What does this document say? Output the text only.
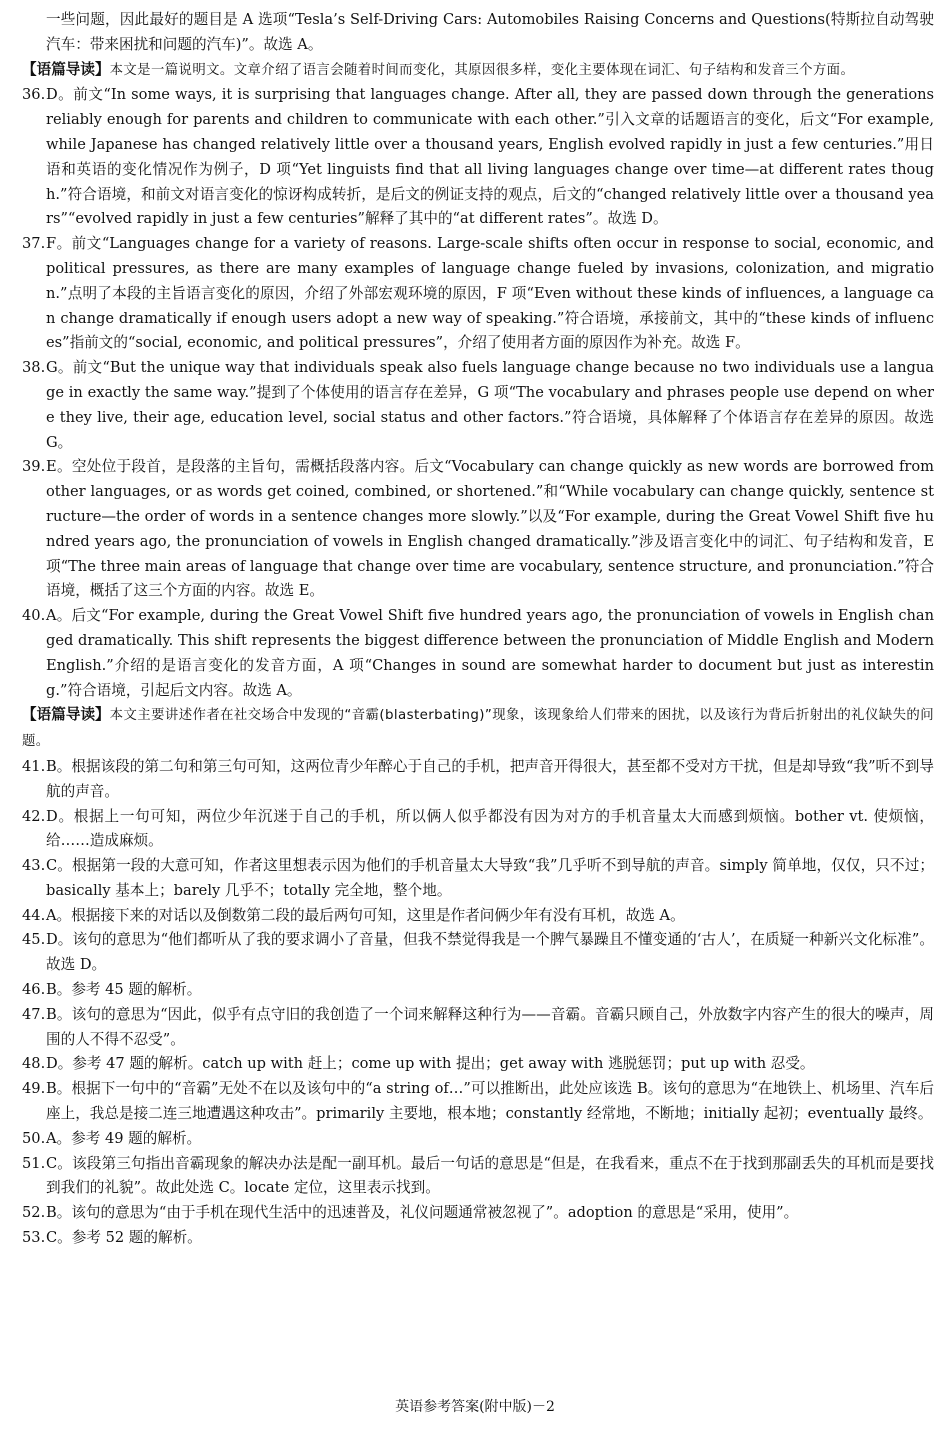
一些问题，因此最好的题目是 A 选项“Tesla’s Self-Driving Cars: Automobiles Raising Concerns and Questions(特斯拉自动驾驶汽车：带来困扰和问题的汽车)”。故选 A。

【语篇导读】本文是一篇说明文。文章介绍了语言会随着时间而变化，其原因很多样，变化主要体现在词汇、句子结构和发音三个方面。

36. D。前文“In some ways, it is surprising that languages change. After all, they are passed down through the generations reliably enough for parents and children to communicate with each other.”引入文章的话题语言的变化，后文“For example, while Japanese has changed relatively little over a thousand years, English evolved rapidly in just a few centuries.”用日语和英语的变化情况作为例子，D 项“Yet linguists find that all living languages change over time—at different rates though.”符合语境，和前文对语言变化的惊讶构成转折，是后文的例证支持的观点，后文的“changed relatively little over a thousand years”“evolved rapidly in just a few centuries”解释了其中的“at different rates”。故选 D。
37. F。前文“Languages change for a variety of reasons. Large-scale shifts often occur in response to social, economic, and political pressures, as there are many examples of language change fueled by invasions, colonization, and migration.”点明了本段的主旨语言变化的原因，介绍了外部宏观环境的原因，F 项“Even without these kinds of influences, a language can change dramatically if enough users adopt a new way of speaking.”符合语境，承接前文，其中的“these kinds of influences”指前文的“social, economic, and political pressures”，介绍了使用者方面的原因作为补充。故选 F。
38. G。前文“But the unique way that individuals speak also fuels language change because no two individuals use a language in exactly the same way.”提到了个体使用的语言存在差异，G 项“The vocabulary and phrases people use depend on where they live, their age, education level, social status and other factors.”符合语境，具体解释了个体语言存在差异的原因。故选 G。
39. E。空处位于段首，是段落的主旨句，需概括段落内容。后文“Vocabulary can change quickly as new words are borrowed from other languages, or as words get coined, combined, or shortened.”和“While vocabulary can change quickly, sentence structure—the order of words in a sentence changes more slowly.”以及“For example, during the Great Vowel Shift five hundred years ago, the pronunciation of vowels in English changed dramatically.”涉及语言变化中的词汇、句子结构和发音，E 项“The three main areas of language that change over time are vocabulary, sentence structure, and pronunciation.”符合语境，概括了这三个方面的内容。故选 E。
40. A。后文“For example, during the Great Vowel Shift five hundred years ago, the pronunciation of vowels in English changed dramatically. This shift represents the biggest difference between the pronunciation of Middle English and Modern English.”介绍的是语言变化的发音方面，A 项“Changes in sound are somewhat harder to document but just as interesting.”符合语境，引起后文内容。故选 A。

【语篇导读】本文主要讲述作者在社交场合中发现的“音霸(blasterbating)”现象，该现象给人们带来的困扰，以及该行为背后折射出的礼仪缺失的问题。

41. B。根据该段的第二句和第三句可知，这两位青少年醉心于自己的手机，把声音开得很大，甚至都不受对方干扰，但是却导致“我”听不到导航的声音。
42. D。根据上一句可知，两位少年沉迷于自己的手机，所以俩人似乎都没有因为对方的手机音量太大而感到烦恼。bother vt. 使烦恼，给……造成麻烦。
43. C。根据第一段的大意可知，作者这里想表示因为他们的手机音量太大导致“我”几乎听不到导航的声音。simply 简单地，仅仅，只不过；basically 基本上；barely 几乎不；totally 完全地，整个地。
44. A。根据接下来的对话以及倒数第二段的最后两句可知，这里是作者问俩少年有没有耳机，故选 A。
45. D。该句的意思为“他们都听从了我的要求调小了音量，但我不禁觉得我是一个脾气暴躁且不懂变通的‘古人’，在质疑一种新兴文化标准”。故选 D。
46. B。参考 45 题的解析。
47. B。该句的意思为“因此，似乎有点守旧的我创造了一个词来解释这种行为——音霸。音霸只顾自己，外放数字内容产生的很大的噪声，周围的人不得不忍受”。
48. D。参考 47 题的解析。catch up with 赶上；come up with 提出；get away with 逃脱惩罚；put up with 忍受。
49. B。根据下一句中的“音霸”无处不在以及该句中的“a string of…”可以推断出，此处应该选 B。该句的意思为“在地铁上、机场里、汽车后座上，我总是接二连三地遭遇这种攻击”。primarily 主要地，根本地；constantly 经常地，不断地；initially 起初；eventually 最终。
50. A。参考 49 题的解析。
51. C。该段第三句指出音霸现象的解决办法是配一副耳机。最后一句话的意思是“但是，在我看来，重点不在于找到那副丢失的耳机而是要找到我们的礼貌”。故此处选 C。locate 定位，这里表示找到。
52. B。该句的意思为“由于手机在现代生活中的迅速普及，礼仪问题通常被忽视了”。adoption 的意思是“采用，使用”。
53. C。参考 52 题的解析。
英语参考答案(附中版)－2
